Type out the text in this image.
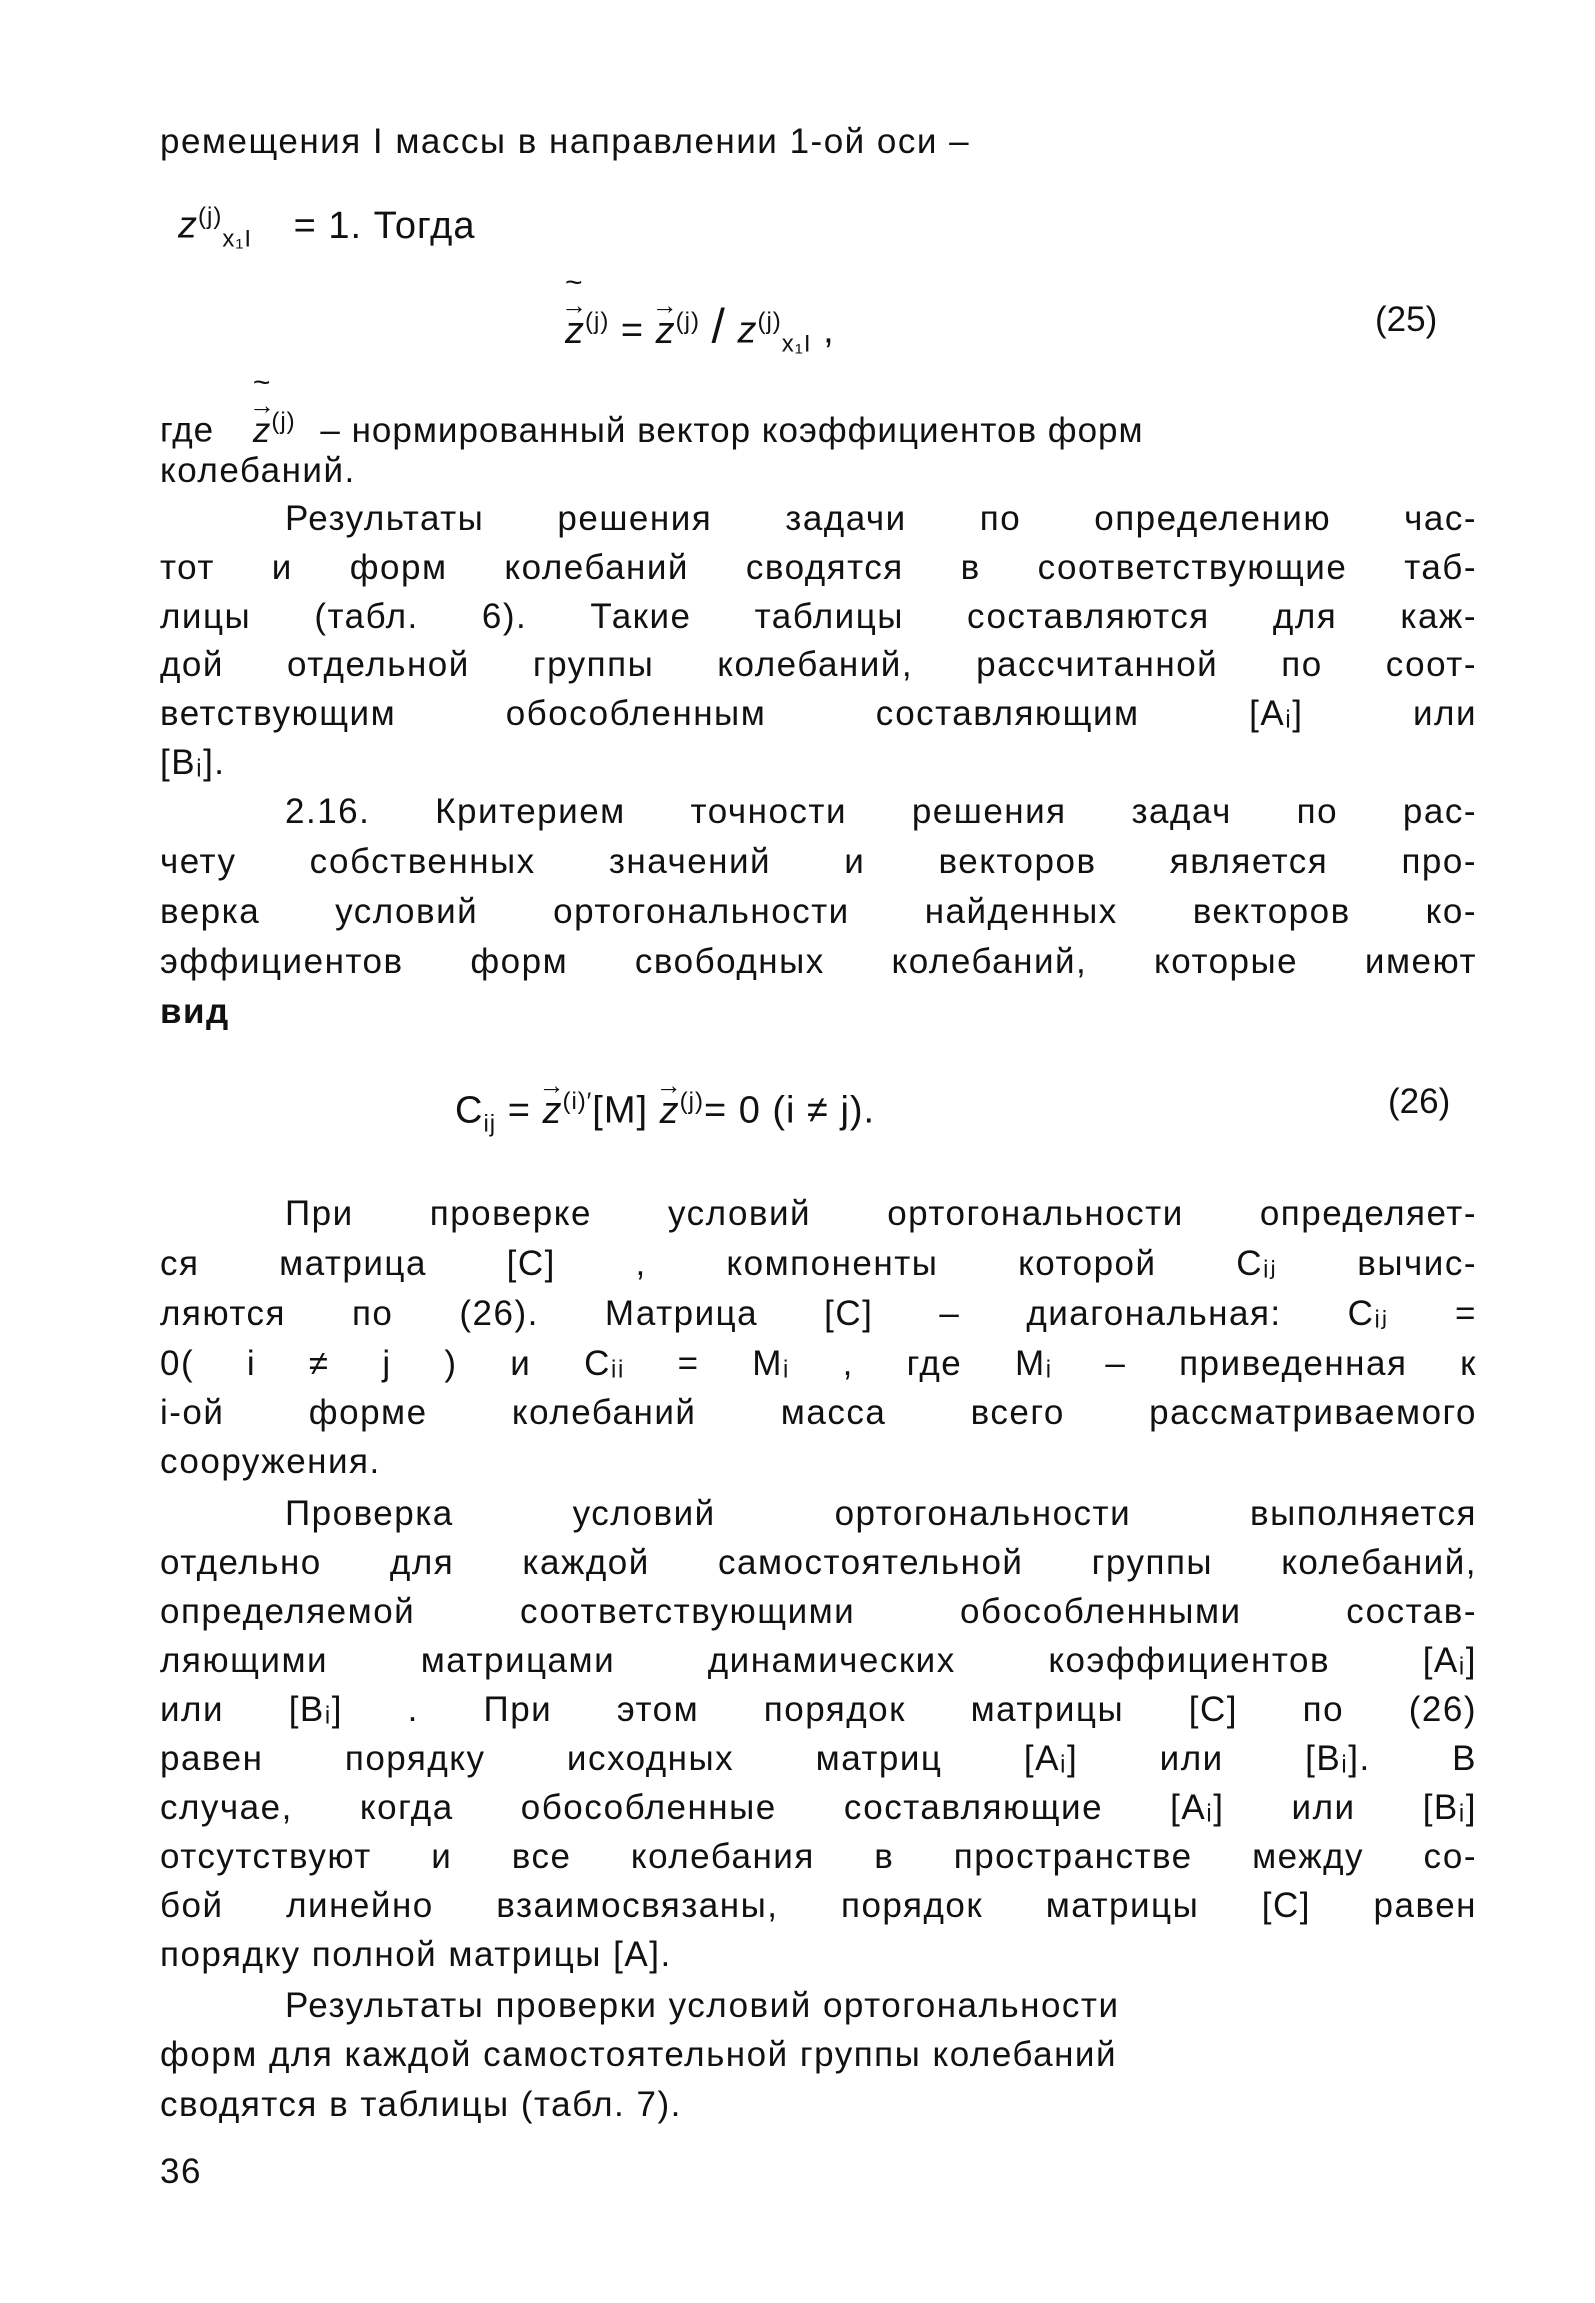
ремещения I массы в направлении 1-ой оси –
$z^{(j)}_{x_1I} = 1$. Тогда
→ z ~$^{(j)}$ = → $z^{(j)} / z^{(j)}_{x_1I}$ ,	(25)
где → z ~$^{(j)}$ – нормированный вектор коэффициентов форм
колебаний.
Результаты решения задачи по определению час-
тот и форм колебаний сводятся в соответствующие таб-
лицы (табл. 6). Такие таблицы составляются для каж-
дой отдельной группы колебаний, рассчитанной по соот-
ветствующим обособленным составляющим [Aᵢ] или
[Bᵢ].
2.16. Критерием точности решения задач по рас-
чету собственных значений и векторов является про-
верка условий ортогональности найденных векторов ко-
эффициентов форм свободных колебаний, которые имеют
вид
$C_{ij}$ = → $z^{(i)'}[M] \to z^{(j)}= 0$ (i ≠ j).	(26)
При проверке условий ортогональности определяет-
ся матрица [C] , компоненты которой Cᵢⱼ вычис-
ляются по (26). Матрица [C] – диагональная: Cᵢⱼ =
0( i ≠ j ) и Cᵢᵢ = Mᵢ , где Mᵢ – приведенная к
i-ой форме колебаний масса всего рассматриваемого
сооружения.
Проверка условий ортогональности выполняется
отдельно для каждой самостоятельной группы колебаний,
определяемой соответствующими обособленными состав-
ляющими матрицами динамических коэффициентов [Aᵢ]
или [Bᵢ] . При этом порядок матрицы [C] по (26)
равен порядку исходных матриц [Aᵢ] или [Bᵢ]. В
случае, когда обособленные составляющие [Aᵢ] или [Bᵢ]
отсутствуют и все колебания в пространстве между со-
бой линейно взаимосвязаны, порядок матрицы [C] равен
порядку полной матрицы [A].
Результаты проверки условий ортогональности
форм для каждой самостоятельной группы колебаний
сводятся в таблицы (табл. 7).
36
